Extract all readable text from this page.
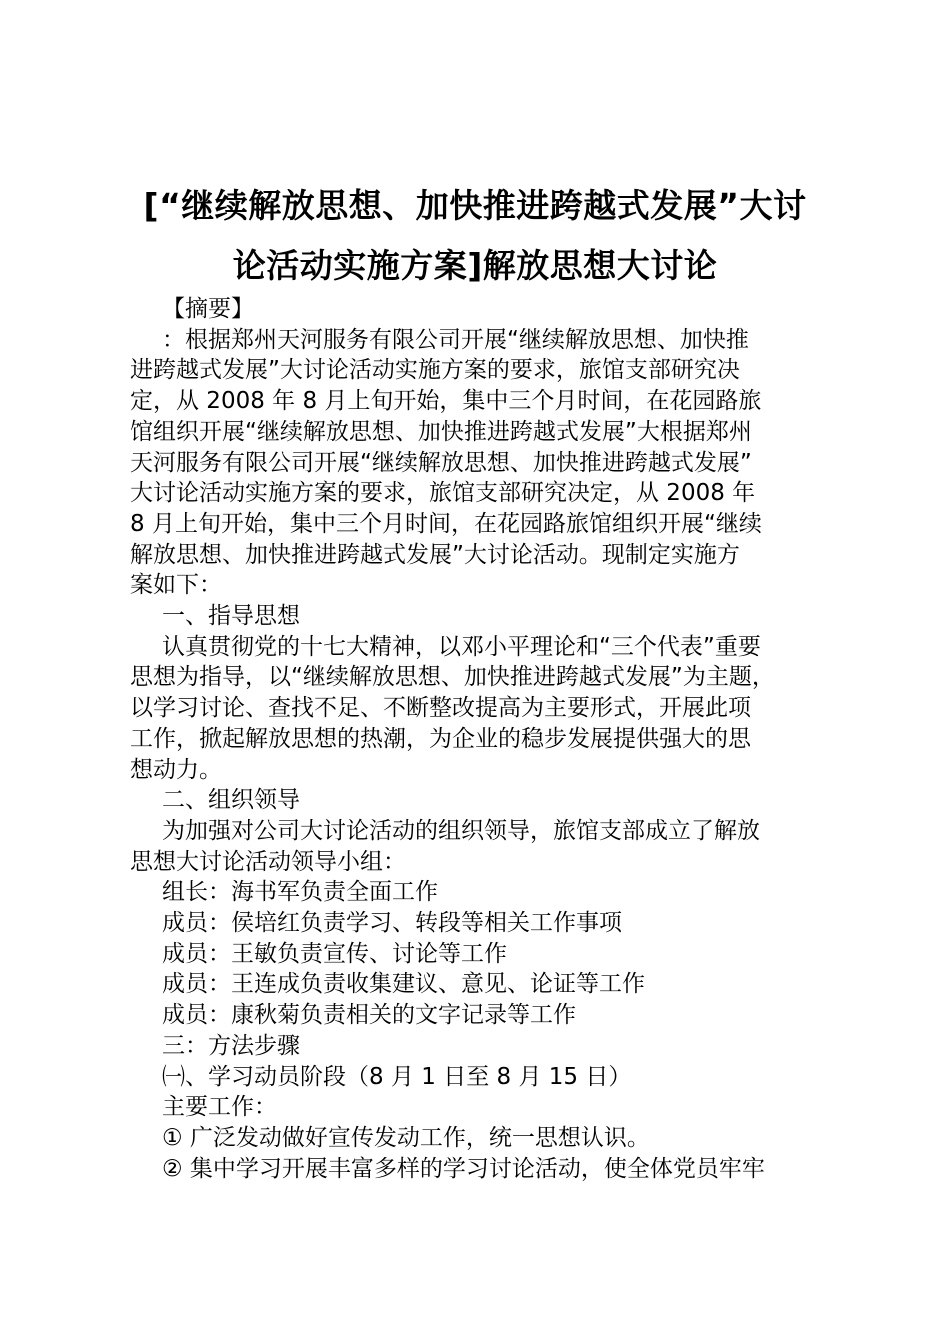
[“继续解放思想、加快推进跨越式发展”大讨
论活动实施方案]解放思想大讨论

【摘要】

：根据郑州天河服务有限公司开展“继续解放思想、加快推

进跨越式发展”大讨论活动实施方案的要求，旅馆支部研究决

定，从 2008 年 8 月上旬开始，集中三个月时间，在花园路旅

馆组织开展“继续解放思想、加快推进跨越式发展”大根据郑州

天河服务有限公司开展“继续解放思想、加快推进跨越式发展”

大讨论活动实施方案的要求，旅馆支部研究决定，从 2008 年

8 月上旬开始，集中三个月时间，在花园路旅馆组织开展“继续

解放思想、加快推进跨越式发展”大讨论活动。现制定实施方

案如下：

一、指导思想

认真贯彻党的十七大精神，以邓小平理论和“三个代表”重要

思想为指导，以“继续解放思想、加快推进跨越式发展”为主题，

以学习讨论、查找不足、不断整改提高为主要形式，开展此项

工作，掀起解放思想的热潮，为企业的稳步发展提供强大的思

想动力。

二、组织领导

为加强对公司大讨论活动的组织领导，旅馆支部成立了解放

思想大讨论活动领导小组：

组长：海书军负责全面工作

成员：侯培红负责学习、转段等相关工作事项

成员：王敏负责宣传、讨论等工作

成员：王连成负责收集建议、意见、论证等工作

成员：康秋菊负责相关的文字记录等工作

三：方法步骤

㈠、学习动员阶段（8 月 1 日至 8 月 15 日）

主要工作：

① 广泛发动做好宣传发动工作，统一思想认识。

② 集中学习开展丰富多样的学习讨论活动，使全体党员牢牢
